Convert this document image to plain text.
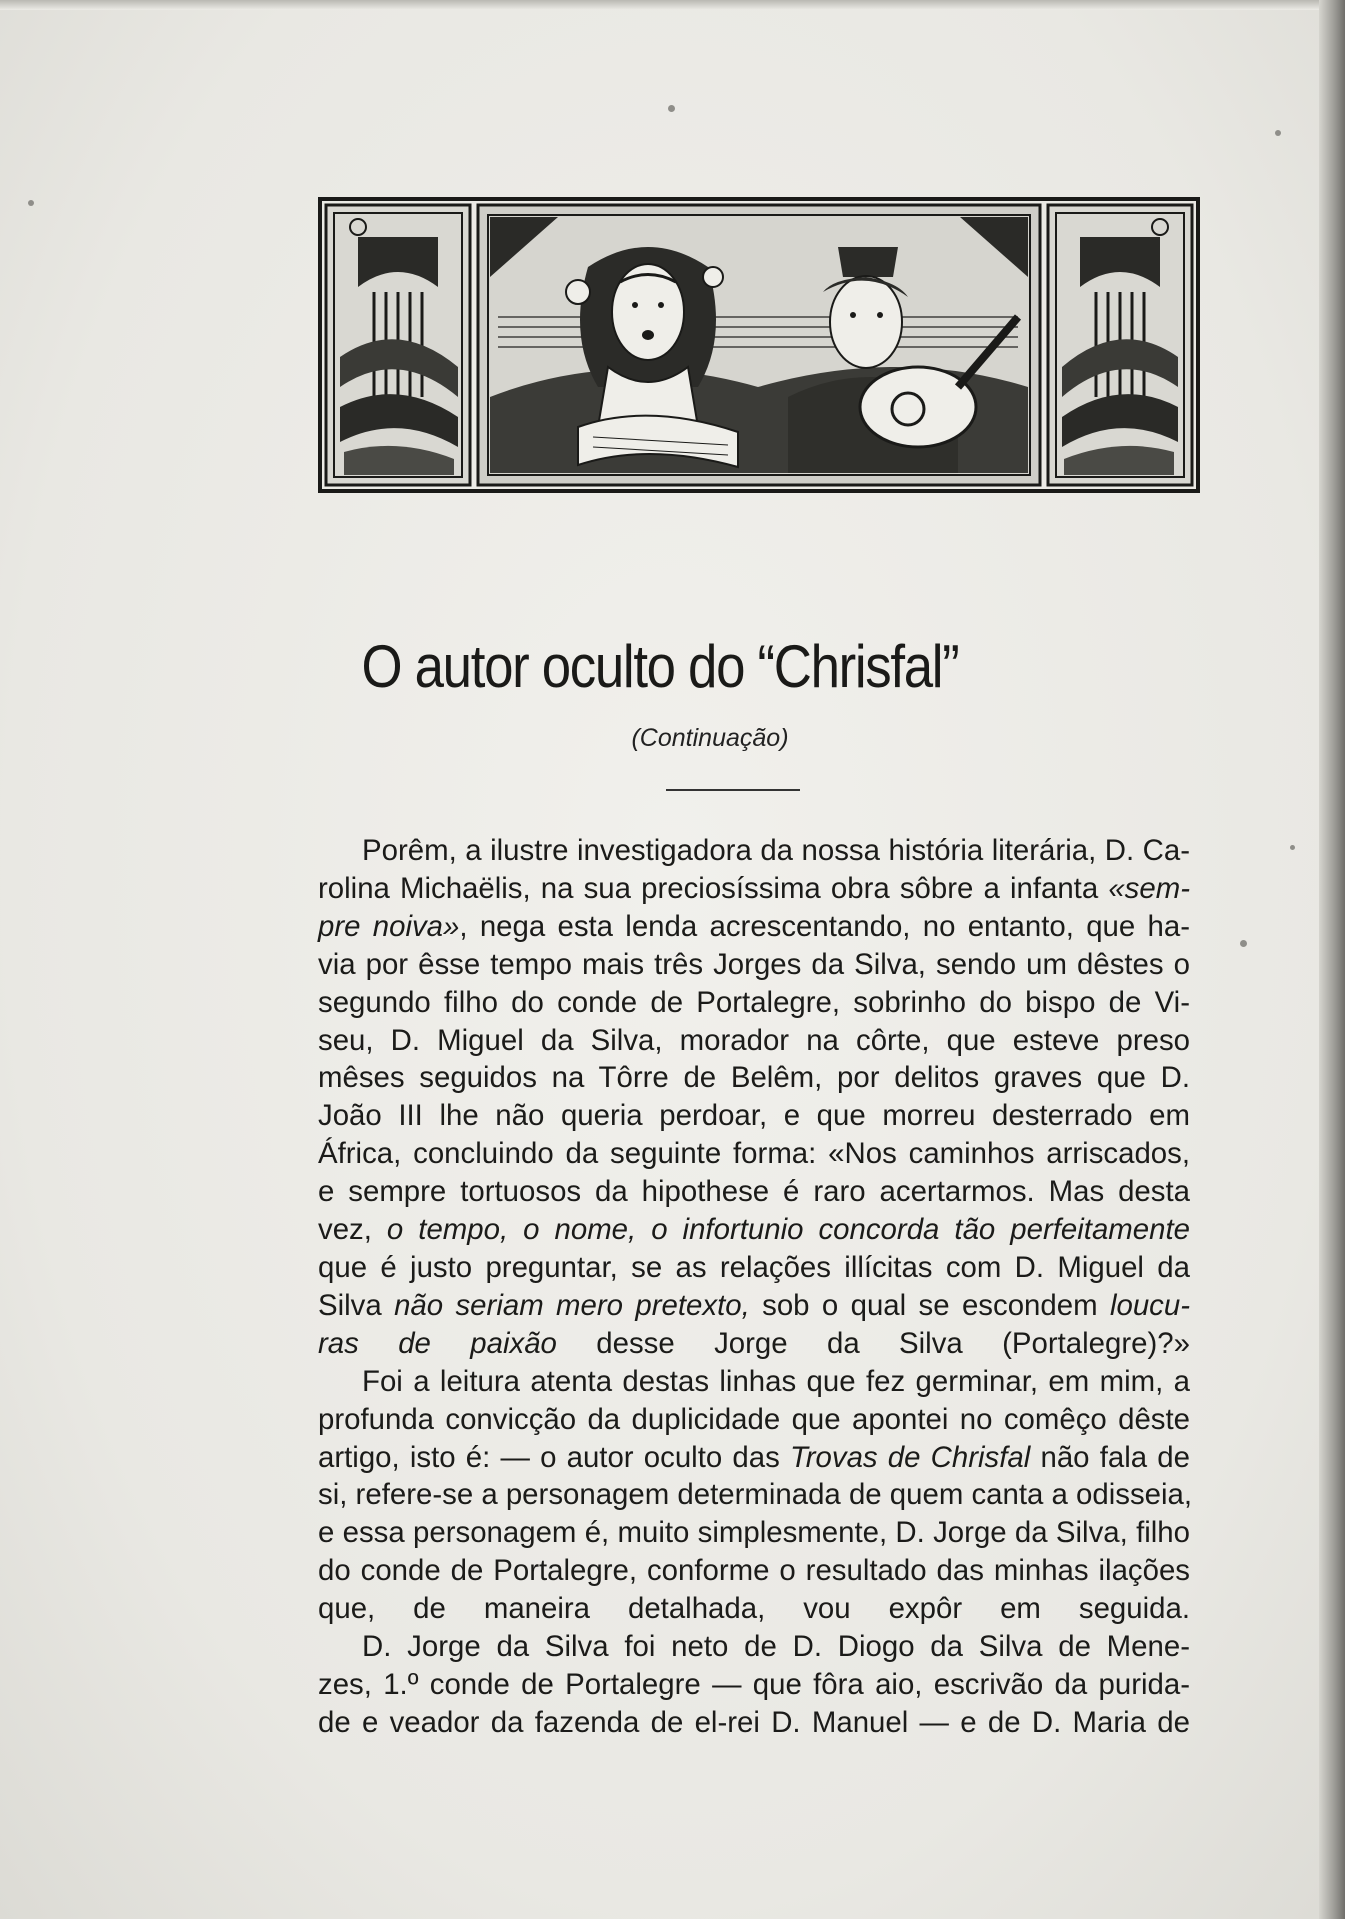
O autor oculto do “Chrisfal”
(Continuação)

Porêm, a ilustre investigadora da nossa história literária, D. Ca-
rolina Michaëlis, na sua preciosíssima obra sôbre a infanta «sem-
pre noiva», nega esta lenda acrescentando, no entanto, que ha-
via por êsse tempo mais três Jorges da Silva, sendo um dêstes o
segundo filho do conde de Portalegre, sobrinho do bispo de Vi-
seu, D. Miguel da Silva, morador na côrte, que esteve preso
mêses seguidos na Tôrre de Belêm, por delitos graves que D.
João III lhe não queria perdoar, e que morreu desterrado em
África, concluindo da seguinte forma: «Nos caminhos arriscados,
e sempre tortuosos da hipothese é raro acertarmos. Mas desta
vez, o tempo, o nome, o infortunio concorda tão perfeitamente
que é justo preguntar, se as relações illícitas com D. Miguel da
Silva não seriam mero pretexto, sob o qual se escondem loucu-
ras de paixão desse Jorge da Silva (Portalegre)?»
Foi a leitura atenta destas linhas que fez germinar, em mim, a
profunda convicção da duplicidade que apontei no comêço dêste
artigo, isto é: — o autor oculto das Trovas de Chrisfal não fala de
si, refere-se a personagem determinada de quem canta a odisseia,
e essa personagem é, muito simplesmente, D. Jorge da Silva, filho
do conde de Portalegre, conforme o resultado das minhas ilações
que, de maneira detalhada, vou expôr em seguida.
D. Jorge da Silva foi neto de D. Diogo da Silva de Mene-
zes, 1.º conde de Portalegre — que fôra aio, escrivão da purida-
de e veador da fazenda de el-rei D. Manuel — e de D. Maria de
